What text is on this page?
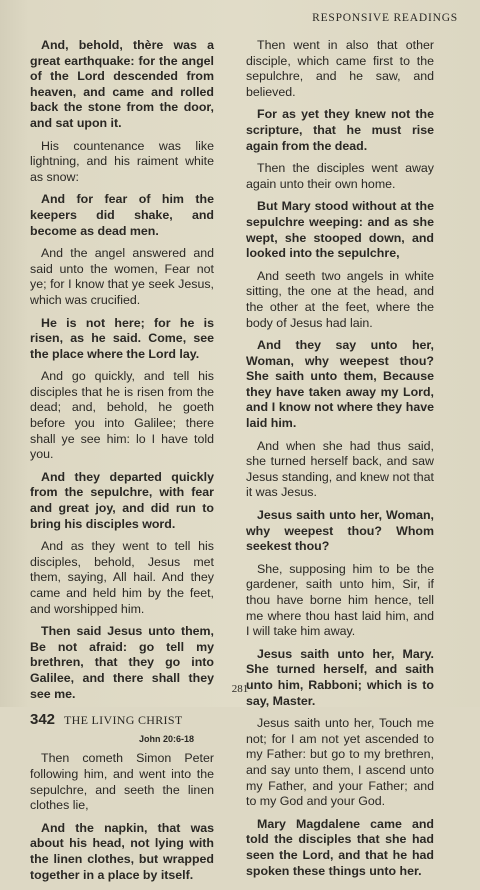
RESPONSIVE READINGS

And, behold, thère was a great earthquake: for the angel of the Lord descended from heaven, and came and rolled back the stone from the door, and sat upon it.

His countenance was like lightning, and his raiment white as snow:

And for fear of him the keepers did shake, and become as dead men.

And the angel answered and said unto the women, Fear not ye; for I know that ye seek Jesus, which was crucified.

He is not here; for he is risen, as he said. Come, see the place where the Lord lay.

And go quickly, and tell his disciples that he is risen from the dead; and, behold, he goeth before you into Galilee; there shall ye see him: lo I have told you.

And they departed quickly from the sepulchre, with fear and great joy, and did run to bring his disciples word.

And as they went to tell his disciples, behold, Jesus met them, saying, All hail. And they came and held him by the feet, and worshipped him.

Then said Jesus unto them, Be not afraid: go tell my brethren, that they go into Galilee, and there shall they see me.

342 THE LIVING CHRIST
John 20:6-18

Then cometh Simon Peter following him, and went into the sepulchre, and seeth the linen clothes lie,

And the napkin, that was about his head, not lying with the linen clothes, but wrapped together in a place by itself.

Then went in also that other disciple, which came first to the sepulchre, and he saw, and believed.

For as yet they knew not the scripture, that he must rise again from the dead.

Then the disciples went away again unto their own home.

But Mary stood without at the sepulchre weeping: and as she wept, she stooped down, and looked into the sepulchre,

And seeth two angels in white sitting, the one at the head, and the other at the feet, where the body of Jesus had lain.

And they say unto her, Woman, why weepest thou? She saith unto them, Because they have taken away my Lord, and I know not where they have laid him.

And when she had thus said, she turned herself back, and saw Jesus standing, and knew not that it was Jesus.

Jesus saith unto her, Woman, why weepest thou? Whom seekest thou?

She, supposing him to be the gardener, saith unto him, Sir, if thou have borne him hence, tell me where thou hast laid him, and I will take him away.

Jesus saith unto her, Mary. She turned herself, and saith unto him, Rabboni; which is to say, Master.

Jesus saith unto her, Touch me not; for I am not yet ascended to my Father: but go to my brethren, and say unto them, I ascend unto my Father, and your Father; and to my God and your God.

Mary Magdalene came and told the disciples that she had seen the Lord, and that he had spoken these things unto her.

281
